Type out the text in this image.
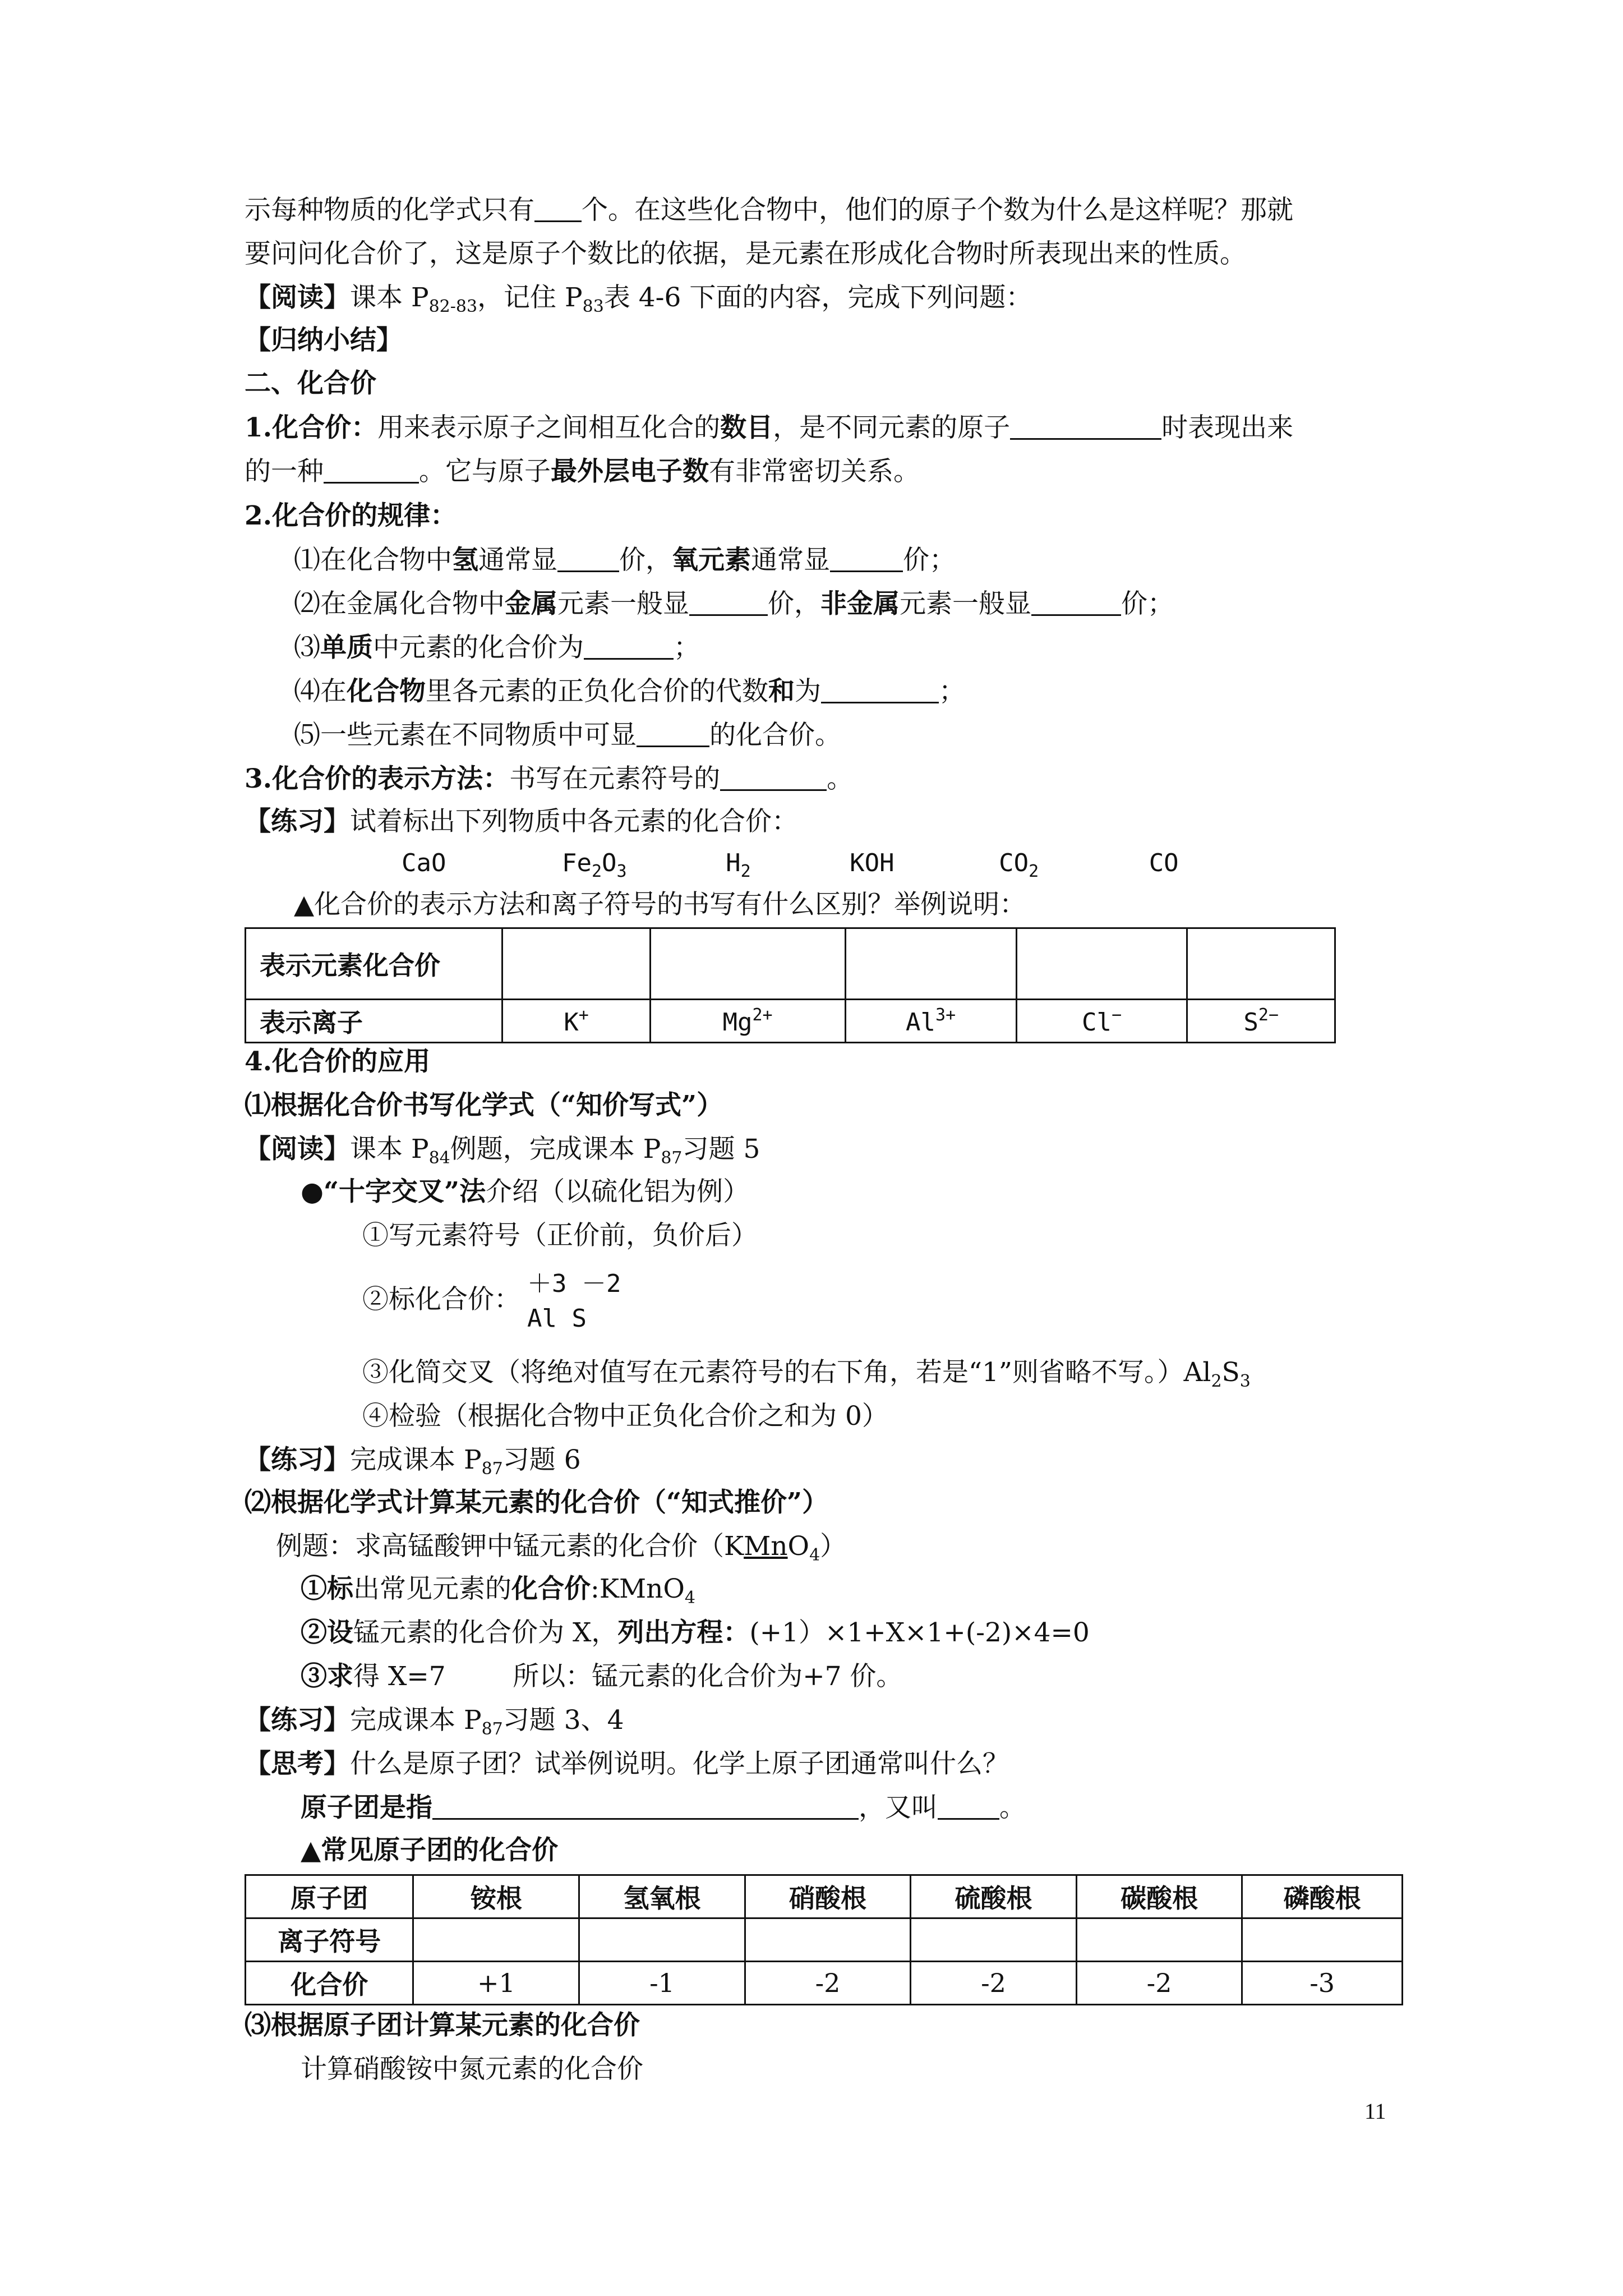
示每种物质的化学式只有 个。在这些化合物中，他们的原子个数为什么是这样呢？那就
要问问化合价了，这是原子个数比的依据，是元素在形成化合物时所表现出来的性质。
【阅读】课本 $P_{82-83}$，记住 $P_{83}$表 4-6 下面的内容，完成下列问题：
【归纳小结】
二、化合价
1.化合价：用来表示原子之间相互化合的数目，是不同元素的原子	时表现出来
的一种	。它与原子最外层电子数有非常密切关系。
2.化合价的规律：
⑴在化合物中氢通常显 价，氧元素通常显	价；
⑵在金属化合物中金属元素一般显	价，非金属元素一般显	价；
⑶单质中元素的化合价为	；
⑷在化合物里各元素的正负化合价的代数和为	；
⑸一些元素在不同物质中可显	的化合价。
3.化合价的表示方法：书写在元素符号的	。
【练习】试着标出下列物质中各元素的化合价：
CaO	$Fe_2O_3$	$H_2$	KOH	$CO_2$	CO
▲化合价的表示方法和离子符号的书写有什么区别？举例说明：
表示元素化合价					
表示离子	K+	$Mg^{2+}$	$Al^{3+}$	Cl−	$S^{2-}$
4.化合价的应用
⑴根据化合价书写化学式（“知价写式”）
【阅读】课本 $P_{84}$例题，完成课本 $P_{87}$习题 5
●“十字交叉”法介绍（以硫化铝为例）
①写元素符号（正价前，负价后）
②标化合价：
＋3 －2
Al S
③化简交叉（将绝对值写在元素符号的右下角，若是“1”则省略不写。）$Al_2S_3$
④检验（根据化合物中正负化合价之和为 0）
【练习】完成课本 $P_{87}$习题 6
⑵根据化学式计算某元素的化合价（“知式推价”）
例题：求高锰酸钾中锰元素的化合价（KMnO$_4$）
①标出常见元素的化合价:KMnO$_4$
②设锰元素的化合价为 X，列出方程：(+1）×1+X×1+(-2)×4=0
③求得 X=7        所以：锰元素的化合价为+7 价。
【练习】完成课本 $P_{87}$习题 3、4
【思考】什么是原子团？试举例说明。化学上原子团通常叫什么？
原子团是指	，又叫 。
▲常见原子团的化合价
原子团	铵根	氢氧根	硝酸根	硫酸根	碳酸根	磷酸根
离子符号						
化合价	+1	-1	-2	-2	-2	-3
⑶根据原子团计算某元素的化合价
计算硝酸铵中氮元素的化合价
11
